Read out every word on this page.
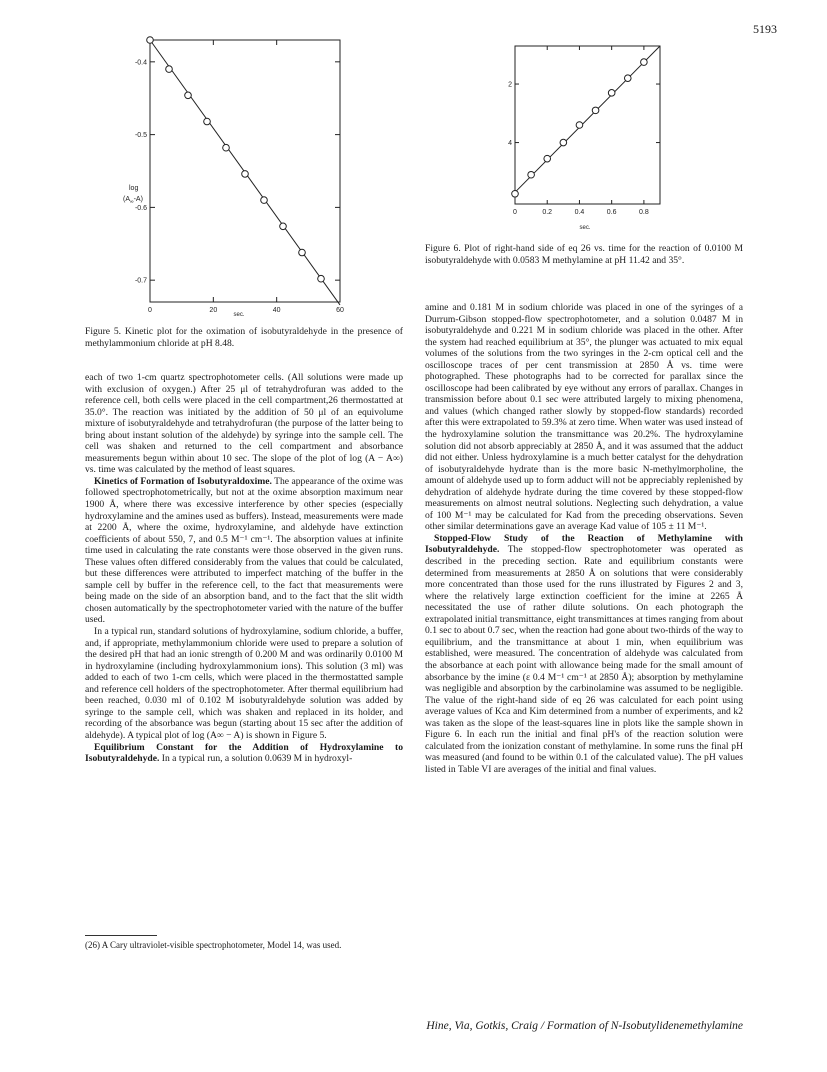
5193
-0.4
-0.5
-0.6
-0.7
0	20	40	60
log
$(A_\infty-A)$
sec.
4
2
0	0.2	0.4	0.6	0.8
sec.
Figure 5. Kinetic plot for the oximation of isobutyraldehyde in the presence of methylammonium chloride at pH 8.48.
Figure 6. Plot of right-hand side of eq 26 vs. time for the reaction of 0.0100 M isobutyraldehyde with 0.0583 M methylamine at pH 11.42 and 35°.

each of two 1-cm quartz spectrophotometer cells. (All solutions were made up with exclusion of oxygen.) After 25 μl of tetrahydrofuran was added to the reference cell, both cells were placed in the cell compartment,26 thermostatted at 35.0°. The reaction was initiated by the addition of 50 μl of an equivolume mixture of isobutyraldehyde and tetrahydrofuran (the purpose of the latter being to bring about instant solution of the aldehyde) by syringe into the sample cell. The cell was shaken and returned to the cell compartment and absorbance measurements begun within about 10 sec. The slope of the plot of log (A − A∞) vs. time was calculated by the method of least squares.

Kinetics of Formation of Isobutyraldoxime. The appearance of the oxime was followed spectrophotometrically, but not at the oxime absorption maximum near 1900 Å, where there was excessive interference by other species (especially hydroxylamine and the amines used as buffers). Instead, measurements were made at 2200 Å, where the oxime, hydroxylamine, and aldehyde have extinction coefficients of about 550, 7, and 0.5 M⁻¹ cm⁻¹. The absorption values at infinite time used in calculating the rate constants were those observed in the given runs. These values often differed considerably from the values that could be calculated, but these differences were attributed to imperfect matching of the buffer in the sample cell by buffer in the reference cell, to the fact that measurements were being made on the side of an absorption band, and to the fact that the slit width chosen automatically by the spectrophotometer varied with the nature of the buffer used.

In a typical run, standard solutions of hydroxylamine, sodium chloride, a buffer, and, if appropriate, methylammonium chloride were used to prepare a solution of the desired pH that had an ionic strength of 0.200 M and was ordinarily 0.0100 M in hydroxylamine (including hydroxylammonium ions). This solution (3 ml) was added to each of two 1-cm cells, which were placed in the thermostatted sample and reference cell holders of the spectrophotometer. After thermal equilibrium had been reached, 0.030 ml of 0.102 M isobutyraldehyde solution was added by syringe to the sample cell, which was shaken and replaced in its holder, and recording of the absorbance was begun (starting about 15 sec after the addition of aldehyde). A typical plot of log (A∞ − A) is shown in Figure 5.

Equilibrium Constant for the Addition of Hydroxylamine to Isobutyraldehyde. In a typical run, a solution 0.0639 M in hydroxyl-

(26) A Cary ultraviolet-visible spectrophotometer, Model 14, was used.

amine and 0.181 M in sodium chloride was placed in one of the syringes of a Durrum-Gibson stopped-flow spectrophotometer, and a solution 0.0487 M in isobutyraldehyde and 0.221 M in sodium chloride was placed in the other. After the system had reached equilibrium at 35°, the plunger was actuated to mix equal volumes of the solutions from the two syringes in the 2-cm optical cell and the oscilloscope traces of per cent transmission at 2850 Å vs. time were photographed. These photographs had to be corrected for parallax since the oscilloscope had been calibrated by eye without any errors of parallax. Changes in transmission before about 0.1 sec were attributed largely to mixing phenomena, and values (which changed rather slowly by stopped-flow standards) recorded after this were extrapolated to 59.3% at zero time. When water was used instead of the hydroxylamine solution the transmittance was 20.2%. The hydroxylamine solution did not absorb appreciably at 2850 Å, and it was assumed that the adduct did not either. Unless hydroxylamine is a much better catalyst for the dehydration of isobutyraldehyde hydrate than is the more basic N-methylmorpholine, the amount of aldehyde used up to form adduct will not be appreciably replenished by dehydration of aldehyde hydrate during the time covered by these stopped-flow measurements on almost neutral solutions. Neglecting such dehydration, a value of 100 M⁻¹ may be calculated for Kad from the preceding observations. Seven other similar determinations gave an average Kad value of 105 ± 11 M⁻¹.

Stopped-Flow Study of the Reaction of Methylamine with Isobutyraldehyde. The stopped-flow spectrophotometer was operated as described in the preceding section. Rate and equilibrium constants were determined from measurements at 2850 Å on solutions that were considerably more concentrated than those used for the runs illustrated by Figures 2 and 3, where the relatively large extinction coefficient for the imine at 2265 Å necessitated the use of rather dilute solutions. On each photograph the extrapolated initial transmittance, eight transmittances at times ranging from about 0.1 sec to about 0.7 sec, when the reaction had gone about two-thirds of the way to equilibrium, and the transmittance at about 1 min, when equilibrium was established, were measured. The concentration of aldehyde was calculated from the absorbance at each point with allowance being made for the small amount of absorbance by the imine (ε 0.4 M⁻¹ cm⁻¹ at 2850 Å); absorption by methylamine was negligible and absorption by the carbinolamine was assumed to be negligible. The value of the right-hand side of eq 26 was calculated for each point using average values of Kca and Kim determined from a number of experiments, and k2 was taken as the slope of the least-squares line in plots like the sample shown in Figure 6. In each run the initial and final pH's of the reaction solution were calculated from the ionization constant of methylamine. In some runs the final pH was measured (and found to be within 0.1 of the calculated value). The pH values listed in Table VI are averages of the initial and final values.

Hine, Via, Gotkis, Craig / Formation of N-Isobutylidenemethylamine
